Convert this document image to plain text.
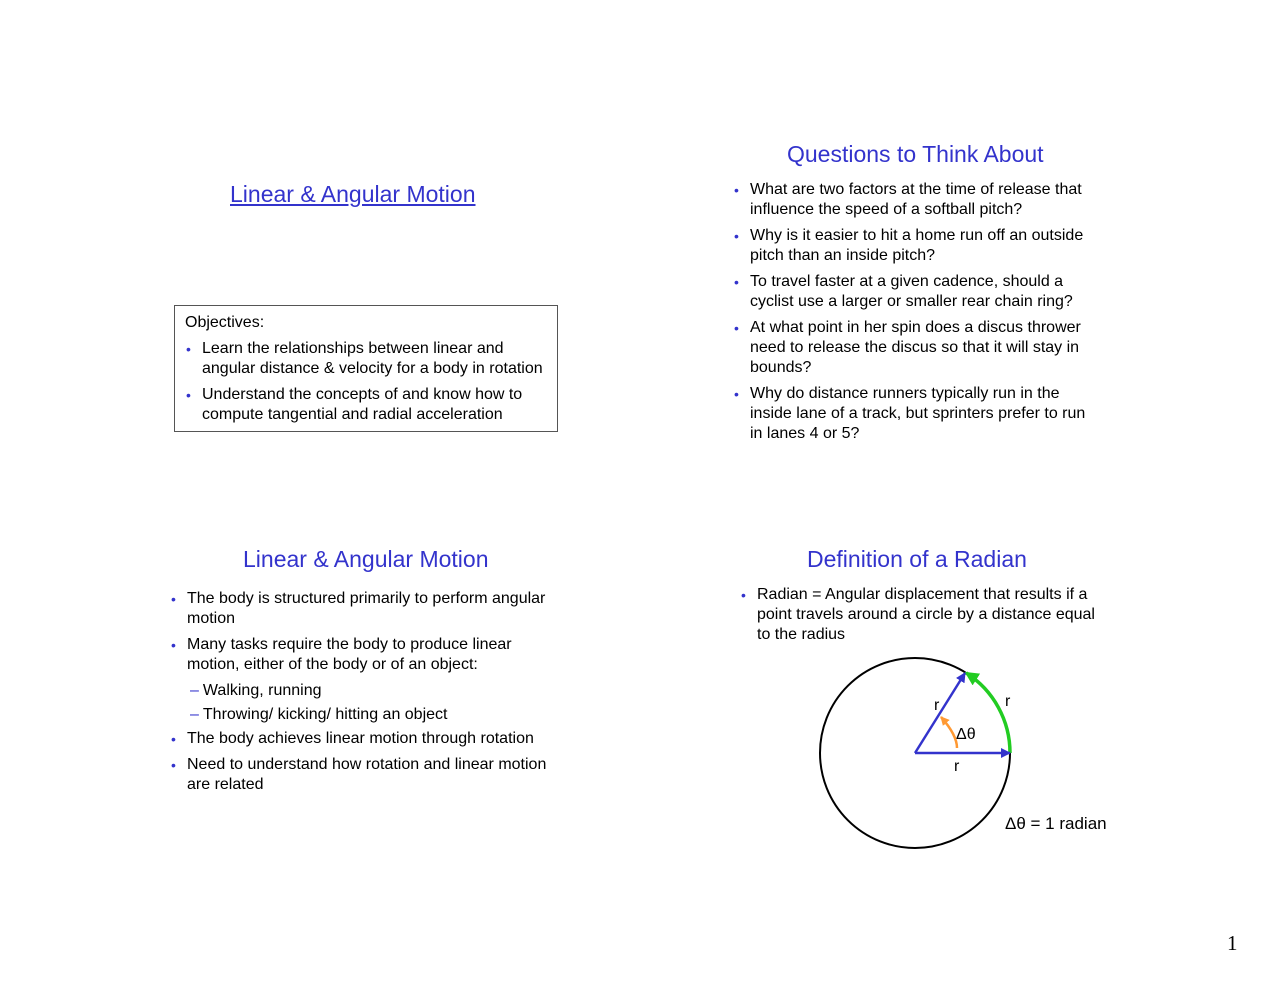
Linear & Angular Motion
Objectives:
• Learn the relationships between linear and angular distance & velocity for a body in rotation
• Understand the concepts of and know how to compute tangential and radial acceleration
Questions to Think About
• What are two factors at the time of release that influence the speed of a softball pitch?
• Why is it easier to hit a home run off an outside pitch than an inside pitch?
• To travel faster at a given cadence, should a cyclist use a larger or smaller rear chain ring?
• At what point in her spin does a discus thrower need to release the discus so that it will stay in bounds?
• Why do distance runners typically run in the inside lane of a track, but sprinters prefer to run in lanes 4 or 5?
Linear & Angular Motion
• The body is structured primarily to perform angular motion
• Many tasks require the body to produce linear motion, either of the body or of an object:
– Walking, running
– Throwing/ kicking/ hitting an object
• The body achieves linear motion through rotation
• Need to understand how rotation and linear motion are related
Definition of a Radian
• Radian = Angular displacement that results if a point travels around a circle by a distance equal to the radius
r	r
Δθ
r
Δθ = 1 radian
1
